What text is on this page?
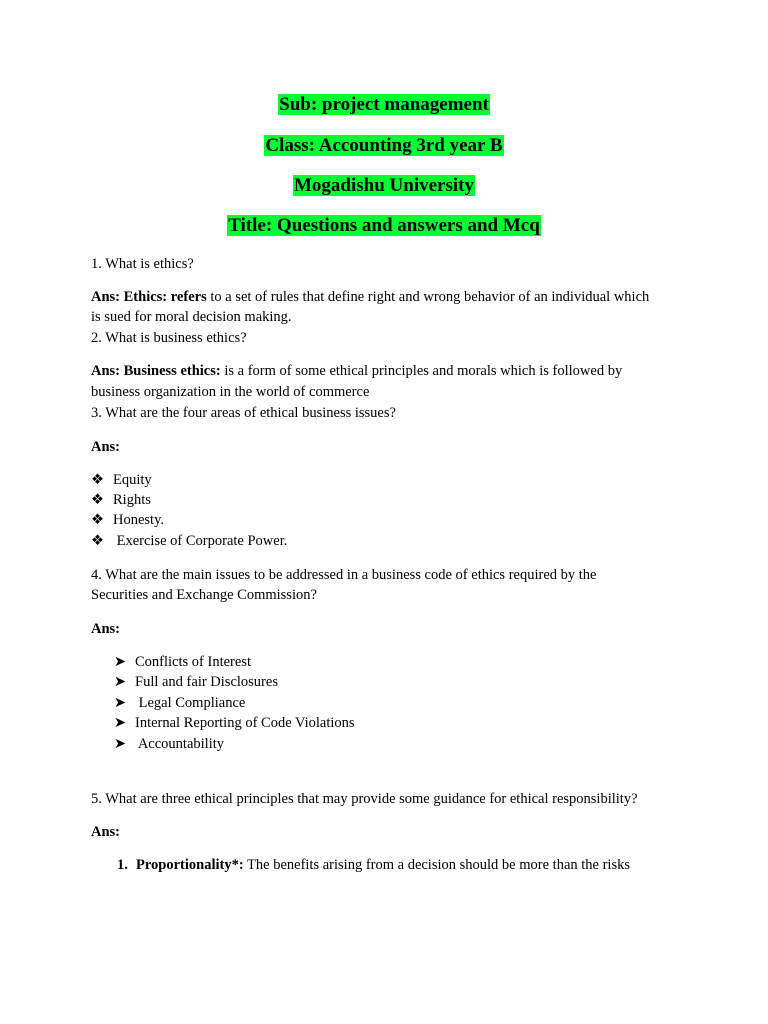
Sub: project management
Class: Accounting 3rd year B
Mogadishu University
Title: Questions and answers and Mcq
1. What is ethics?
Ans: Ethics: refers to a set of rules that define right and wrong behavior of an individual which
is sued for moral decision making.
2. What is business ethics?
Ans: Business ethics: is a form of some ethical principles and morals which is followed by
business organization in the world of commerce
3. What are the four areas of ethical business issues?
Ans:
❖ Equity
❖ Rights
❖ Honesty.
❖ Exercise of Corporate Power.
4. What are the main issues to be addressed in a business code of ethics required by the
Securities and Exchange Commission?
Ans:
➤ Conflicts of Interest
➤ Full and fair Disclosures
➤ Legal Compliance
➤ Internal Reporting of Code Violations
➤ Accountability
5. What are three ethical principles that may provide some guidance for ethical responsibility?
Ans:
1. Proportionality*: The benefits arising from a decision should be more than the risks
